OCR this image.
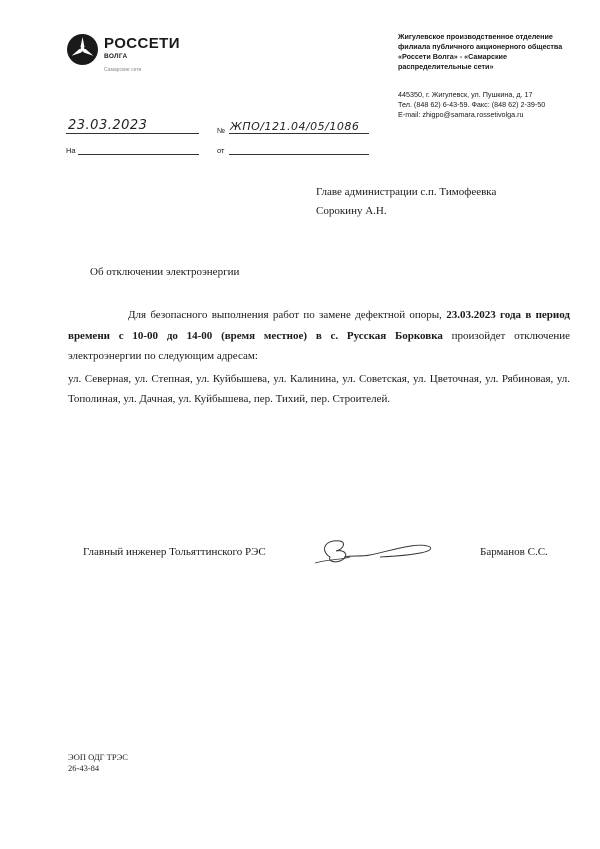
РОССЕТИ
ВОЛГА
Самарские сети
Жигулевское производственное отделение
филиала публичного акционерного общества
«Россети Волга» - «Самарские
распределительные сети»
445350, г. Жигулевск, ул. Пушкина, д. 17
Тел. (848 62) 6-43-59. Факс: (848 62) 2-39-50
E-mail: zhigpo@samara.rossetivolga.ru
23.03.2023	№ ЖПО/121.04/05/1086
На	от
Главе администрации с.п. Тимофеевка
Сорокину А.Н.
Об отключении электроэнергии

Для безопасного выполнения работ по замене дефектной опоры, 23.03.2023 года в период времени с 10-00 до 14-00 (время местное) в с. Русская Борковка произойдет отключение электроэнергии по следующим адресам:

ул. Северная, ул. Степная, ул. Куйбышева, ул. Калинина, ул. Советская, ул. Цветочная, ул. Рябиновая, ул. Тополиная, ул. Дачная, ул. Куйбышева, пер. Тихий, пер. Строителей.

Главный инженер Тольяттинского РЭС	Барманов С.С.
ЭОП ОДГ ТРЭС
26-43-84
